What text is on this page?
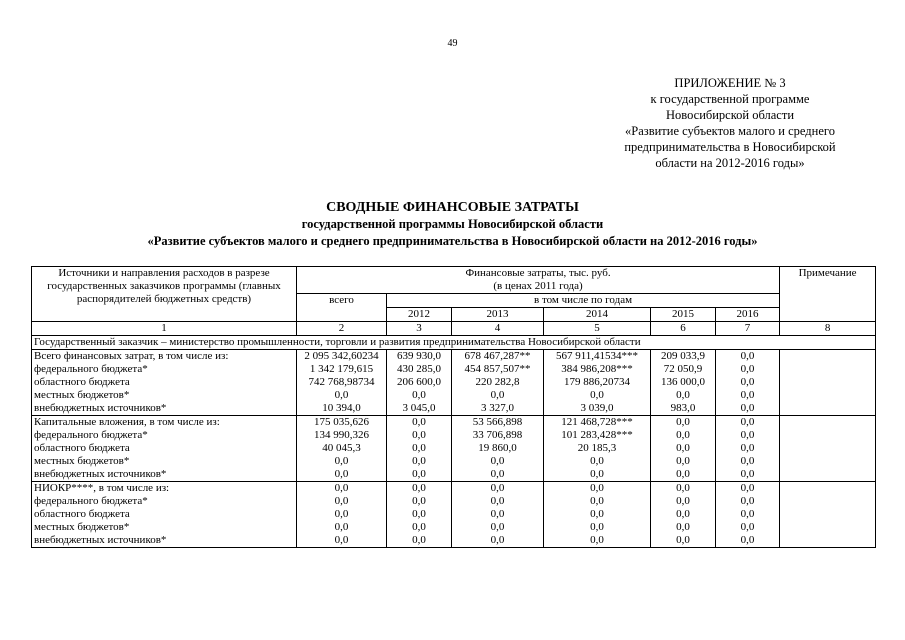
49
ПРИЛОЖЕНИЕ № 3
к государственной программе
Новосибирской области
«Развитие субъектов малого и среднего
предпринимательства в Новосибирской
области на 2012-2016 годы»
СВОДНЫЕ ФИНАНСОВЫЕ ЗАТРАТЫ
государственной программы Новосибирской области
«Развитие субъектов малого и среднего предпринимательства в Новосибирской области на 2012-2016 годы»
Источники и направления расходов в разрезе государственных заказчиков программы (главных распорядителей бюджетных средств)	Финансовые затраты, тыс. руб.
(в ценах 2011 года)						Примечание
	всего	в том числе по годам					
		2012	2013	2014	2015	2016	
1	2	3	4	5	6	7	8
Государственный заказчик – министерство промышленности, торговли и развития предпринимательства Новосибирской области							
Всего финансовых затрат, в том числе из:	2 095 342,60234	639 930,0	678 467,287**	567 911,41534***	209 033,9	0,0	
федерального бюджета*	1 342 179,615	430 285,0	454 857,507**	384 986,208***	72 050,9	0,0	
областного бюджета	742 768,98734	206 600,0	220 282,8	179 886,20734	136 000,0	0,0	
местных бюджетов*	0,0	0,0	0,0	0,0	0,0	0,0	
внебюджетных источников*	10 394,0	3 045,0	3 327,0	3 039,0	983,0	0,0	
Капитальные вложения, в том числе из:	175 035,626	0,0	53 566,898	121 468,728***	0,0	0,0	
федерального бюджета*	134 990,326	0,0	33 706,898	101 283,428***	0,0	0,0	
областного бюджета	40 045,3	0,0	19 860,0	20 185,3	0,0	0,0	
местных бюджетов*	0,0	0,0	0,0	0,0	0,0	0,0	
внебюджетных источников*	0,0	0,0	0,0	0,0	0,0	0,0	
НИОКР****, в том числе из:	0,0	0,0	0,0	0,0	0,0	0,0	
федерального бюджета*	0,0	0,0	0,0	0,0	0,0	0,0	
областного бюджета	0,0	0,0	0,0	0,0	0,0	0,0	
местных бюджетов*	0,0	0,0	0,0	0,0	0,0	0,0	
внебюджетных источников*	0,0	0,0	0,0	0,0	0,0	0,0	
